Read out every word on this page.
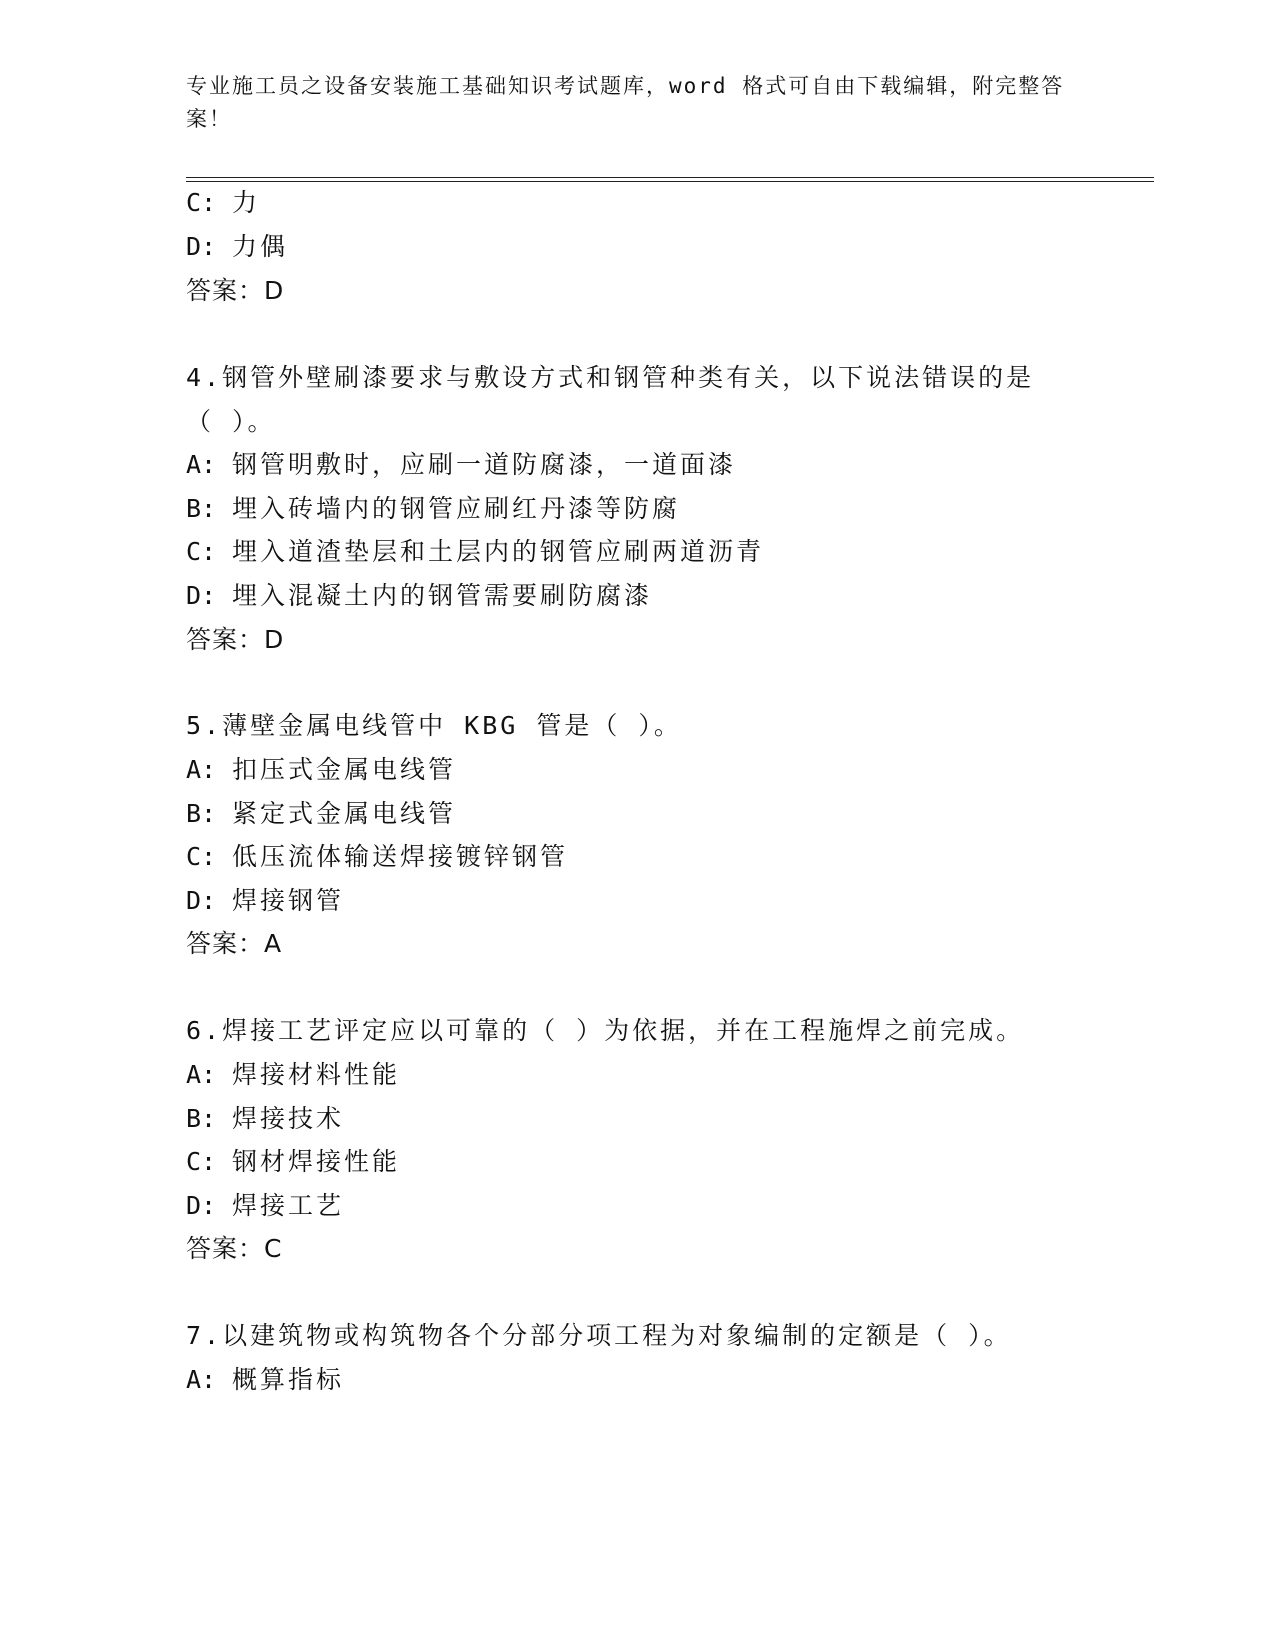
专业施工员之设备安装施工基础知识考试题库，word 格式可自由下载编辑，附完整答案！
C: 力
D: 力偶
答案：D
4.钢管外壁刷漆要求与敷设方式和钢管种类有关，以下说法错误的是
（ ）。
A: 钢管明敷时，应刷一道防腐漆，一道面漆
B: 埋入砖墙内的钢管应刷红丹漆等防腐
C: 埋入道渣垫层和土层内的钢管应刷两道沥青
D: 埋入混凝土内的钢管需要刷防腐漆
答案：D
5.薄壁金属电线管中 KBG 管是（ ）。
A: 扣压式金属电线管
B: 紧定式金属电线管
C: 低压流体输送焊接镀锌钢管
D: 焊接钢管
答案：A
6.焊接工艺评定应以可靠的（ ）为依据，并在工程施焊之前完成。
A: 焊接材料性能
B: 焊接技术
C: 钢材焊接性能
D: 焊接工艺
答案：C
7.以建筑物或构筑物各个分部分项工程为对象编制的定额是（ ）。
A: 概算指标
